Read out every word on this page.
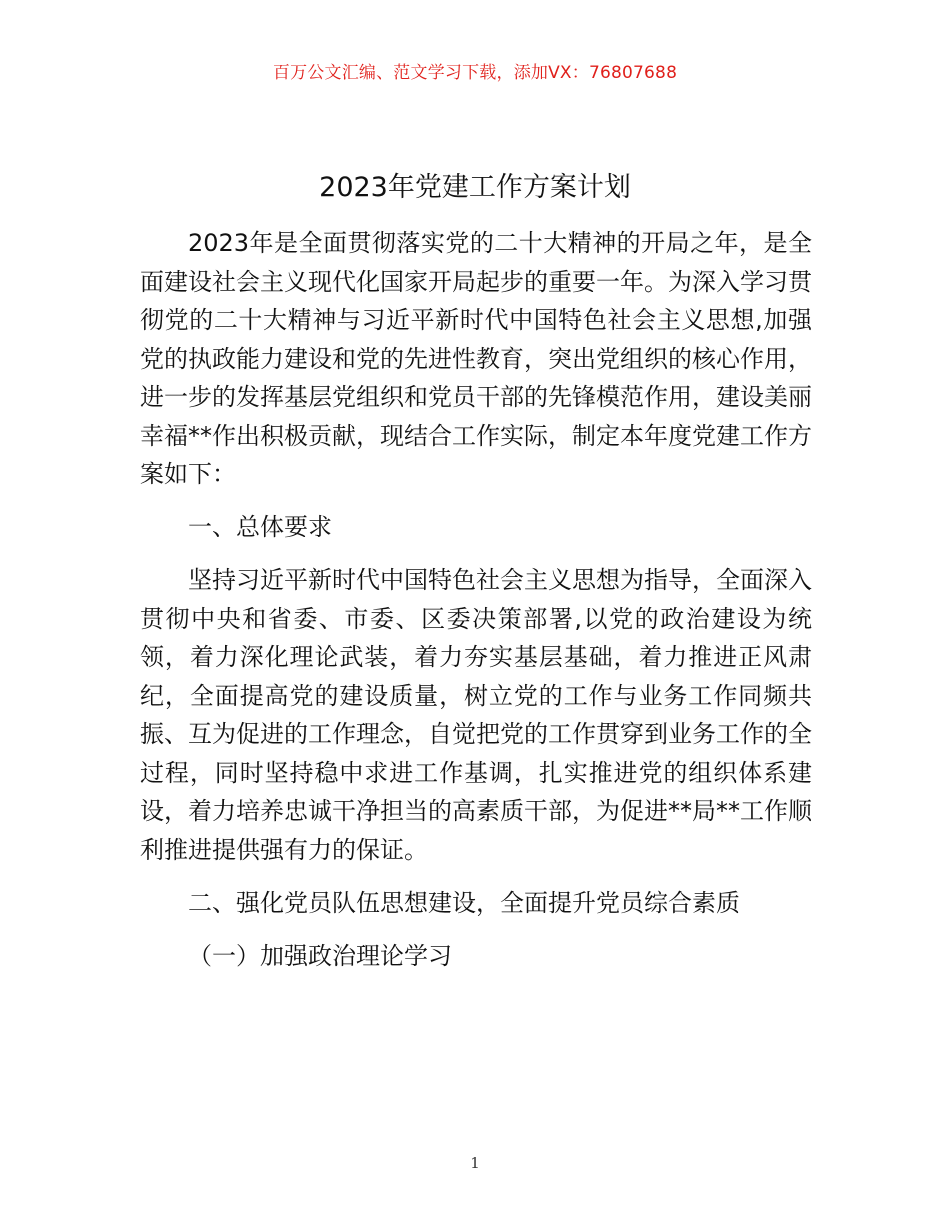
百万公文汇编、范文学习下载，添加VX：76807688
2023年党建工作方案计划

2023年是全面贯彻落实党的二十大精神的开局之年，是全面建设社会主义现代化国家开局起步的重要一年。为深入学习贯彻党的二十大精神与习近平新时代中国特色社会主义思想,加强党的执政能力建设和党的先进性教育，突出党组织的核心作用，进一步的发挥基层党组织和党员干部的先锋模范作用，建设美丽幸福**作出积极贡献，现结合工作实际，制定本年度党建工作方案如下：

一、总体要求

坚持习近平新时代中国特色社会主义思想为指导，全面深入贯彻中央和省委、市委、区委决策部署,以党的政治建设为统领，着力深化理论武装，着力夯实基层基础，着力推进正风肃纪，全面提高党的建设质量，树立党的工作与业务工作同频共振、互为促进的工作理念，自觉把党的工作贯穿到业务工作的全过程，同时坚持稳中求进工作基调，扎实推进党的组织体系建设，着力培养忠诚干净担当的高素质干部，为促进**局**工作顺利推进提供强有力的保证。

二、强化党员队伍思想建设，全面提升党员综合素质

（一）加强政治理论学习

1
